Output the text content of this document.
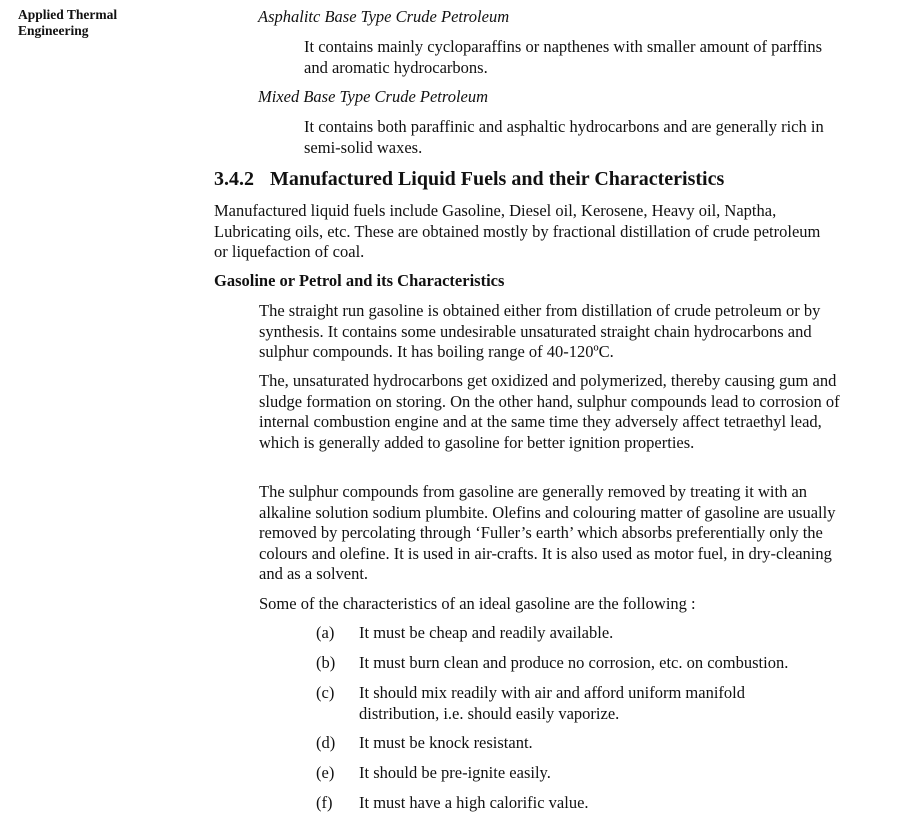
Applied Thermal
Engineering
Asphalitc Base Type Crude Petroleum
It contains mainly cycloparaffins or napthenes with smaller amount of parffins and aromatic hydrocarbons.
Mixed Base Type Crude Petroleum
It contains both paraffinic and asphaltic hydrocarbons and are generally rich in semi-solid waxes.
3.4.2 Manufactured Liquid Fuels and their Characteristics
Manufactured liquid fuels include Gasoline, Diesel oil, Kerosene, Heavy oil, Naptha, Lubricating oils, etc. These are obtained mostly by fractional distillation of crude petroleum or liquefaction of coal.
Gasoline or Petrol and its Characteristics
The straight run gasoline is obtained either from distillation of crude petroleum or by synthesis. It contains some undesirable unsaturated straight chain hydrocarbons and sulphur compounds. It has boiling range of 40-120ºC.
The, unsaturated hydrocarbons get oxidized and polymerized, thereby causing gum and sludge formation on storing. On the other hand, sulphur compounds lead to corrosion of internal combustion engine and at the same time they adversely affect tetraethyl lead, which is generally added to gasoline for better ignition properties.
The sulphur compounds from gasoline are generally removed by treating it with an alkaline solution sodium plumbite. Olefins and colouring matter of gasoline are usually removed by percolating through ‘Fuller’s earth’ which absorbs preferentially only the colours and olefine. It is used in air-crafts. It is also used as motor fuel, in dry-cleaning and as a solvent.
Some of the characteristics of an ideal gasoline are the following :
(a)	It must be cheap and readily available.
(b)	It must burn clean and produce no corrosion, etc. on combustion.
(c)	It should mix readily with air and afford uniform manifold distribution, i.e. should easily vaporize.
(d)	It must be knock resistant.
(e)	It should be pre-ignite easily.
(f)	It must have a high calorific value.
